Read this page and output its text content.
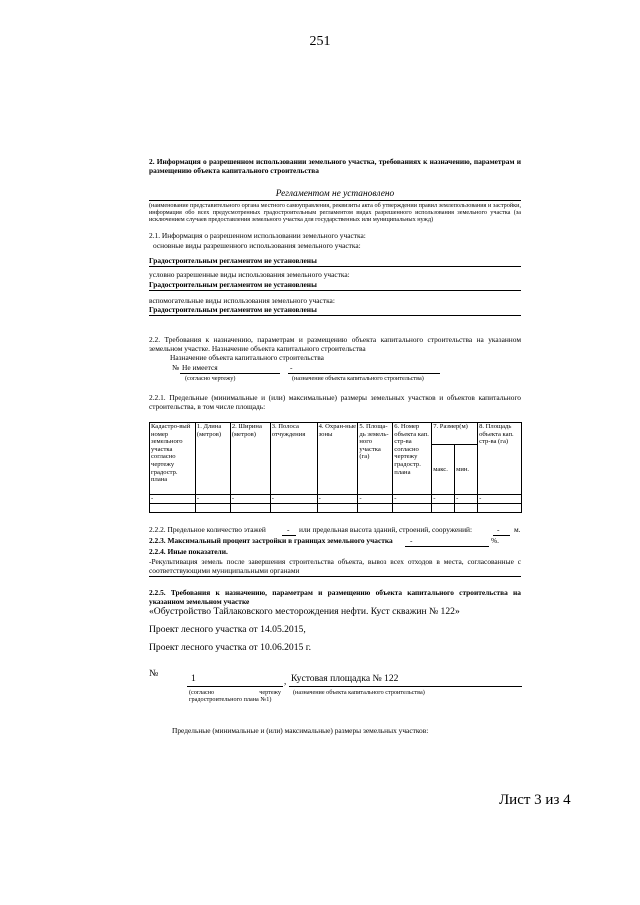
251
2. Информация о разрешенном использовании земельного участка, требованиях к назначению, параметрам и размещению объекта капитального строительства
Регламентом не установлено
(наименование представительного органа местного самоуправления, реквизиты акта об утверждении правил землепользования и застройки, информация обо всех предусмотренных градостроительным регламентом видах разрешенного использования земельного участка (за исключением случаев предоставления земельного участка для государственных или муниципальных нужд)
2.1. Информация о разрешенном использовании земельного участка:
основные виды разрешенного использования земельного участка:
Градостроительным регламентом не установлены
условно разрешенные виды использования земельного участка:
Градостроительным регламентом не установлены
вспомогательные виды использования земельного участка:
Градостроительным регламентом не установлены
2.2. Требования к назначению, параметрам и размещению объекта капитального строительства на указанном земельном участке. Назначение объекта капитального строительства
Назначение объекта капитального строительства
№ Не имеется	-
(согласно чертежу)	(назначение объекта капитального строительства)
2.2.1. Предельные (минимальные и (или) максимальные) размеры земельных участков и объектов капитального строительства, в том числе площадь:
Кадастро-вый номер земельного участка согласно чертежу градостр. плана	1. Длина (метров)	2. Ширина (метров)	3. Полоса отчуждения	4. Охран-ные зоны	5. Площа-дь земель-ного участка (га)	6. Номер объекта кап. стр-ва согласно чертежу градостр. плана	7. Размер(м)		8. Площадь объекта кап. стр-ва (га)
							макс.	мин.	
-	-	-	-	-	-	-	-	-	-

2.2.2. Предельное количество этажей	- или предельная высота зданий, строений, сооружений:	- м.
2.2.3. Максимальный процент застройки в границах земельного участка -	%.
2.2.4. Иные показатели.
-Рекультивация земель после завершения строительства объекта, вывоз всех отходов в места, согласованные с соответствующими муниципальными органами
2.2.5. Требования к назначению, параметрам и размещению объекта капитального строительства на указанном земельном участке
«Обустройство Тайлаковского месторождения нефти. Куст скважин № 122»
Проект лесного участка от 14.05.2015,
Проект лесного участка от 10.06.2015 г.
№	1	, Кустовая площадка № 122
(согласно чертежу градостроительного плана №1)
(назначение объекта капитального строительства)
Предельные (минимальные и (или) максимальные) размеры земельных участков:
Лист 3 из 4
